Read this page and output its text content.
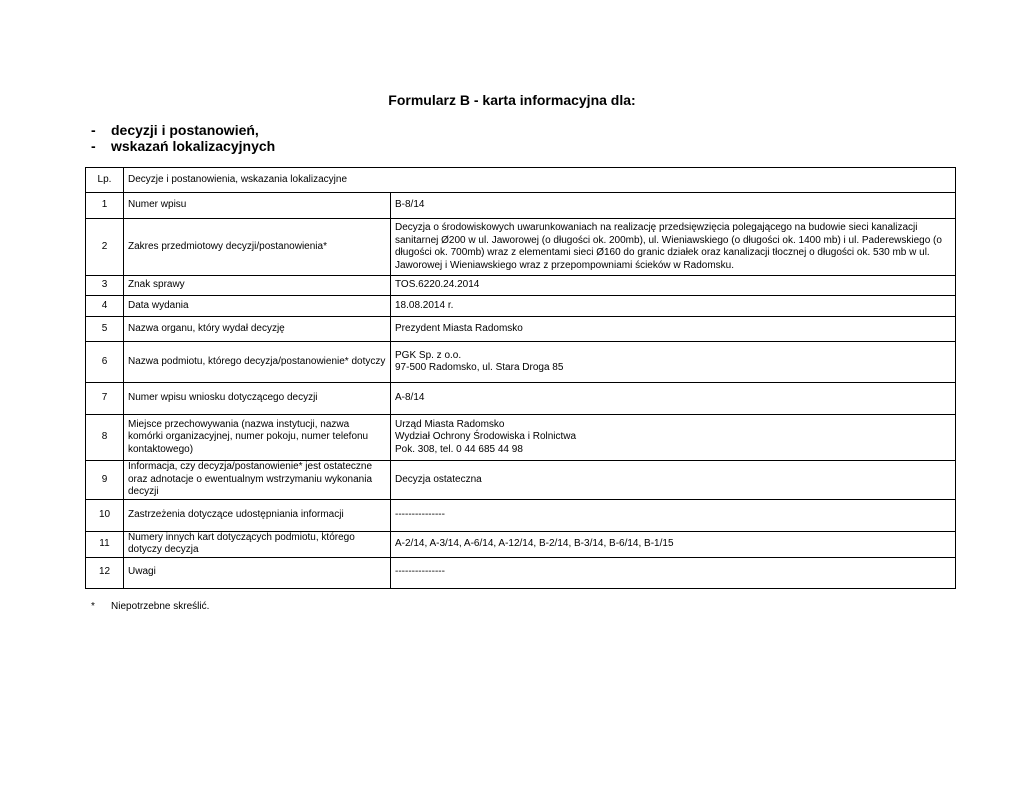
Formularz B - karta informacyjna dla:
-	decyzji i postanowień,
-	wskazań lokalizacyjnych
Lp.	Decyzje i postanowienia, wskazania lokalizacyjne	
1	Numer wpisu	B-8/14

2	Zakres przedmiotowy decyzji/postanowienia*	Decyzja o środowiskowych uwarunkowaniach na realizację przedsięwzięcia polegającego na budowie sieci kanalizacji sanitarnej Ø200 w ul. Jaworowej (o długości ok. 200mb), ul. Wieniawskiego (o długości ok. 1400 mb) i ul. Paderewskiego (o długości ok. 700mb) wraz z elementami sieci Ø160 do granic działek oraz kanalizacji tłocznej o długości ok. 530 mb w ul. Jaworowej i Wieniawskiego wraz z przepompowniami ścieków w Radomsku.

3	Znak sprawy	TOS.6220.24.2014

4	Data wydania	18.08.2014 r.

5	Nazwa organu, który wydał decyzję	Prezydent Miasta Radomsko

6	Nazwa podmiotu, którego decyzja/postanowienie* dotyczy	PGK Sp. z o.o.
97-500 Radomsko, ul. Stara Droga 85

7	Numer wpisu wniosku dotyczącego decyzji	A-8/14

8	Miejsce przechowywania (nazwa instytucji, nazwa komórki organizacyjnej, numer pokoju, numer telefonu kontaktowego)	Urząd Miasta Radomsko
Wydział Ochrony Środowiska i Rolnictwa
Pok. 308, tel. 0 44 685 44 98

9	Informacja, czy decyzja/postanowienie* jest ostateczne oraz adnotacje o ewentualnym wstrzymaniu wykonania decyzji	Decyzja ostateczna

10	Zastrzeżenia dotyczące udostępniania informacji	---------------

11	Numery innych kart dotyczących podmiotu, którego dotyczy decyzja	A-2/14, A-3/14, A-6/14, A-12/14, B-2/14, B-3/14, B-6/14, B-1/15

12	Uwagi	---------------
*	Niepotrzebne skreślić.
